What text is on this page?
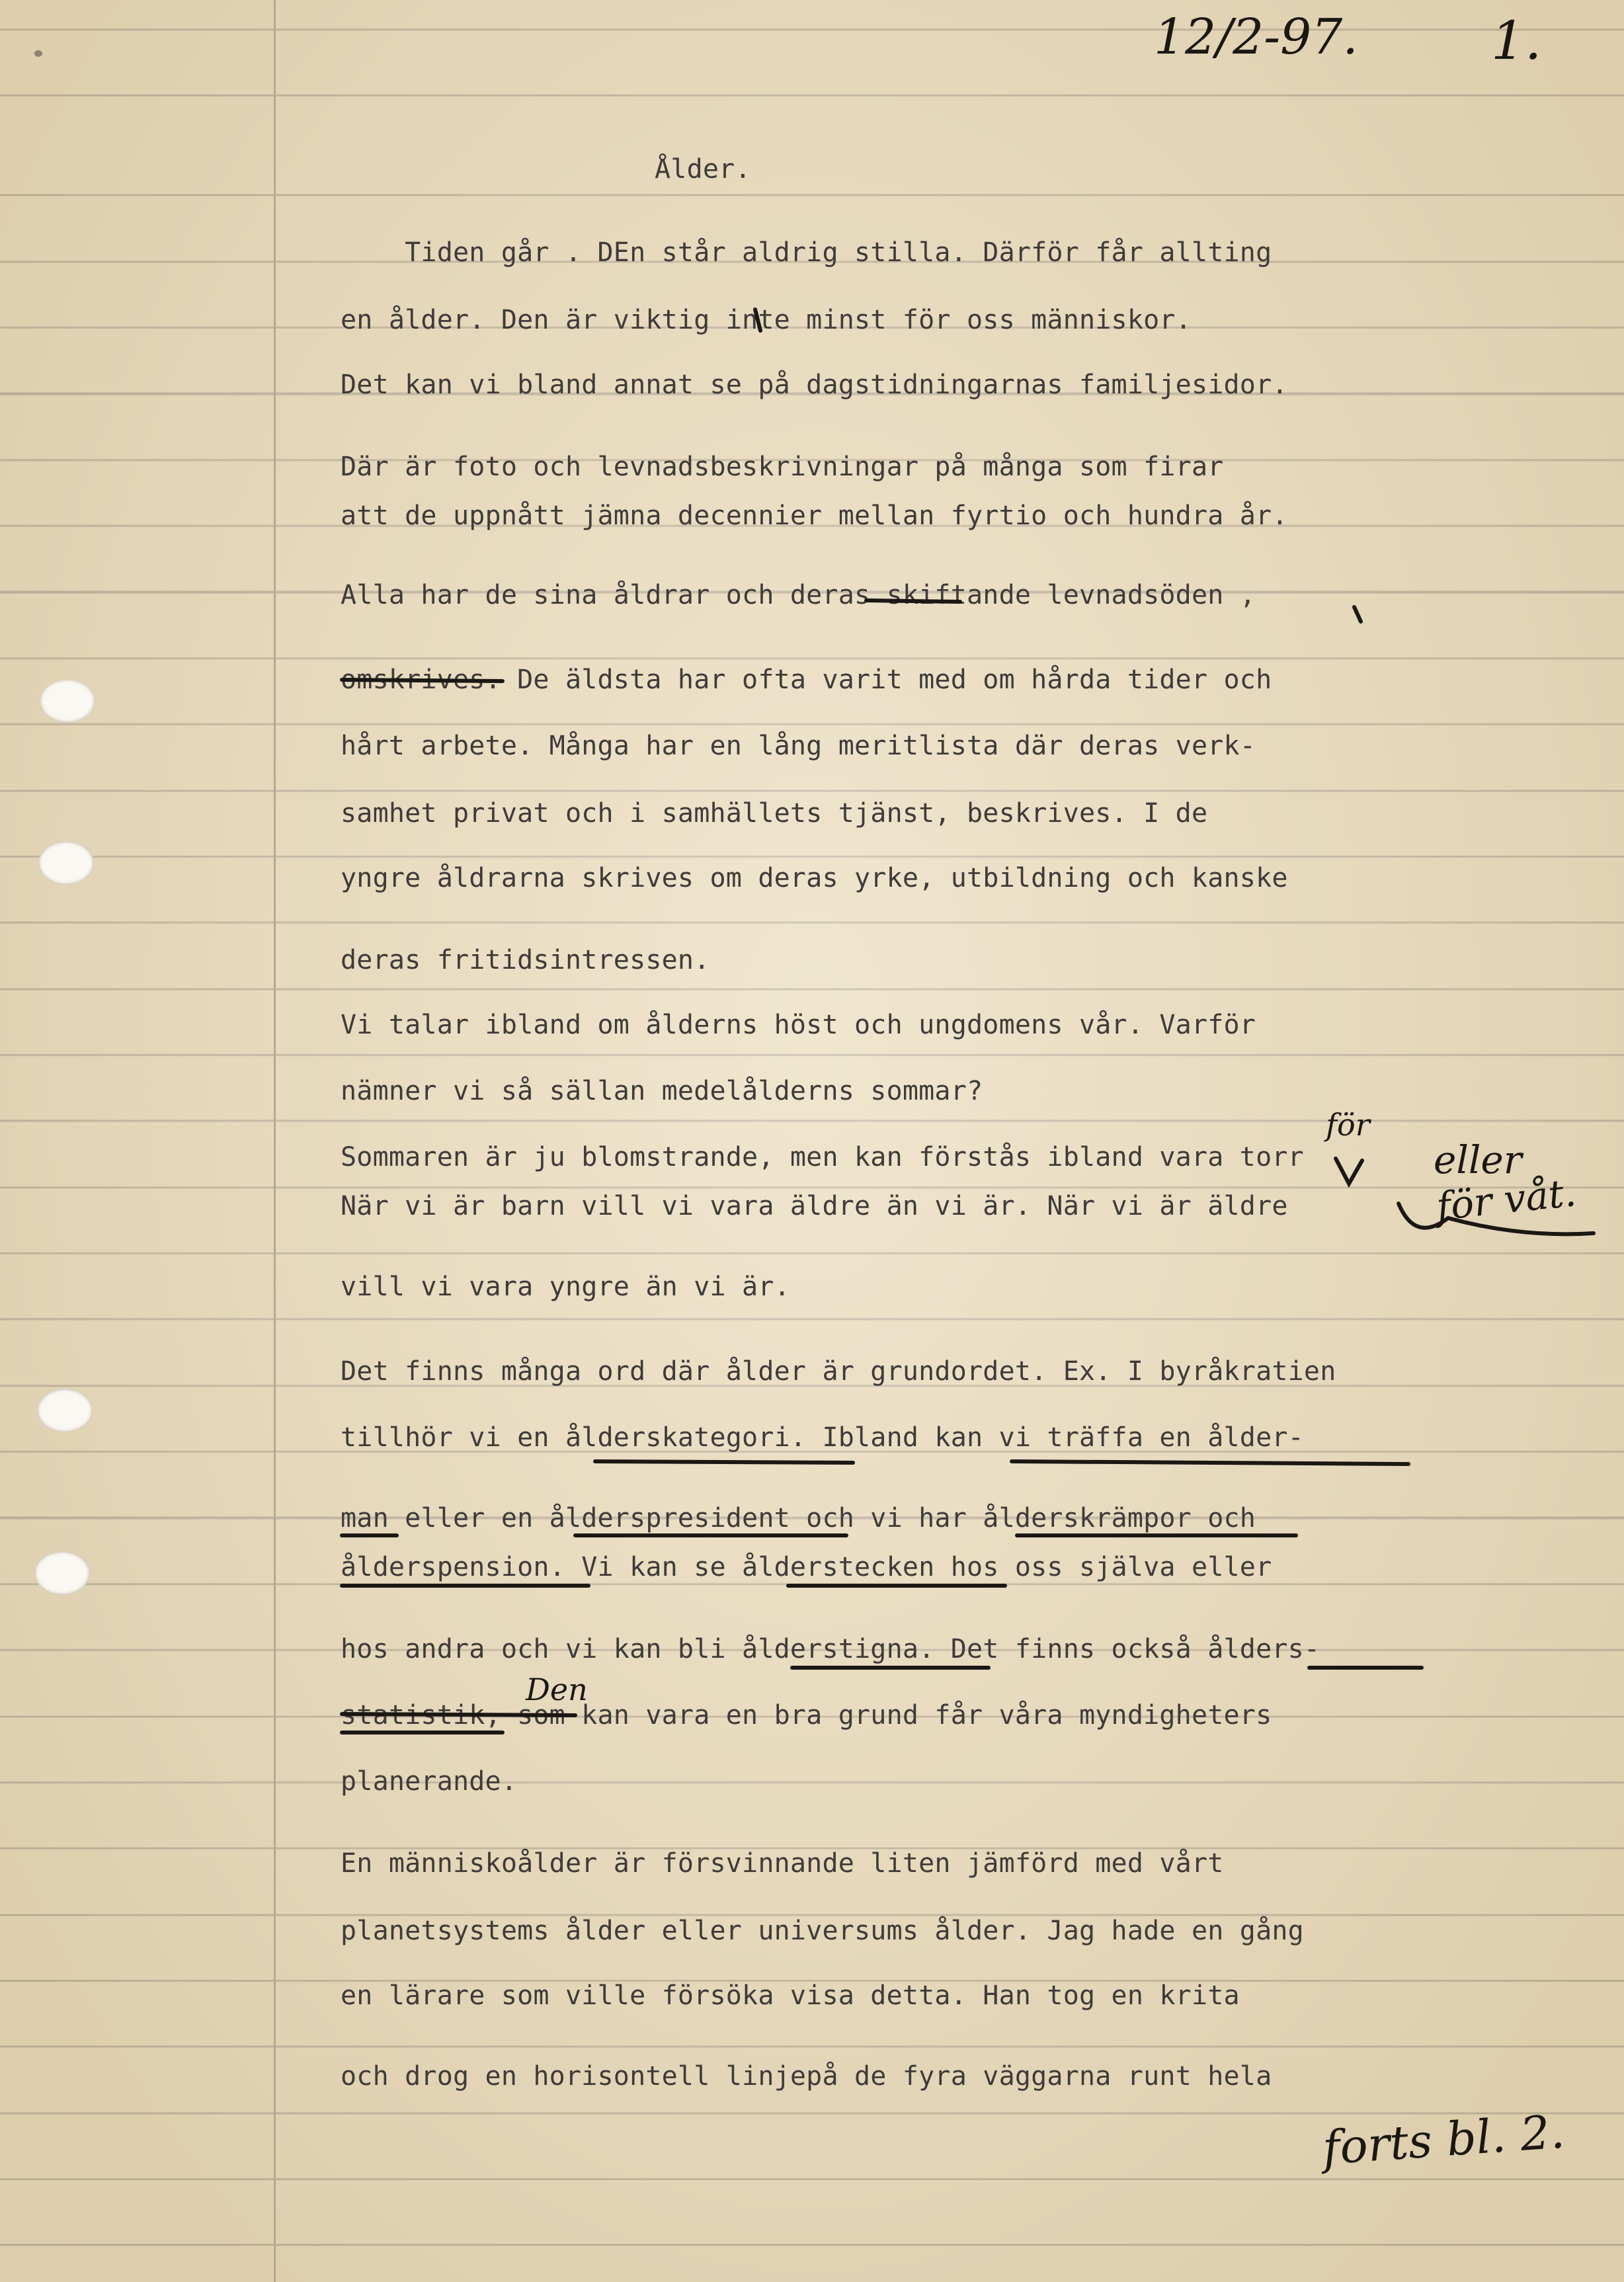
12/2-97.	1.

Ålder.

Tiden går . DEn står aldrig stilla. Därför får allting

en ålder. Den är viktig inte minst för oss människor.

Det kan vi bland annat se på dagstidningarnas familjesidor.

Där är foto och levnadsbeskrivningar på många som firar

att de uppnått jämna decennier mellan fyrtio och hundra år.

Alla har de sina åldrar och deras skiftande levnadsöden ,

omskrives. De äldsta har ofta varit med om hårda tider och

hårt arbete. Många har en lång meritlista där deras verk-

samhet privat och i samhällets tjänst, beskrives. I de

yngre åldrarna skrives om deras yrke, utbildning och kanske

deras fritidsintressen.

Vi talar ibland om ålderns höst och ungdomens vår. Varför

nämner vi så sällan medelålderns sommar?

Sommaren är ju blomstrande, men kan förstås ibland vara torr

När vi är barn vill vi vara äldre än vi är. När vi är äldre

vill vi vara yngre än vi är.

Det finns många ord där ålder är grundordet. Ex. I byråkratien

tillhör vi en ålderskategori. Ibland kan vi träffa en ålder-

man eller en ålderspresident och vi har ålderskrämpor och

ålderspension. Vi kan se ålderstecken hos oss själva eller

hos andra och vi kan bli ålderstigna. Det finns också ålders-

statistik, som kan vara en bra grund får våra myndigheters

planerande.

En människoålder är försvinnande liten jämförd med vårt

planetsystems ålder eller universums ålder. Jag hade en gång

en lärare som ville försöka visa detta. Han tog en krita

och drog en horisontell linjepå de fyra väggarna runt hela

för
eller
för våt.
Den
forts bl. 2.
